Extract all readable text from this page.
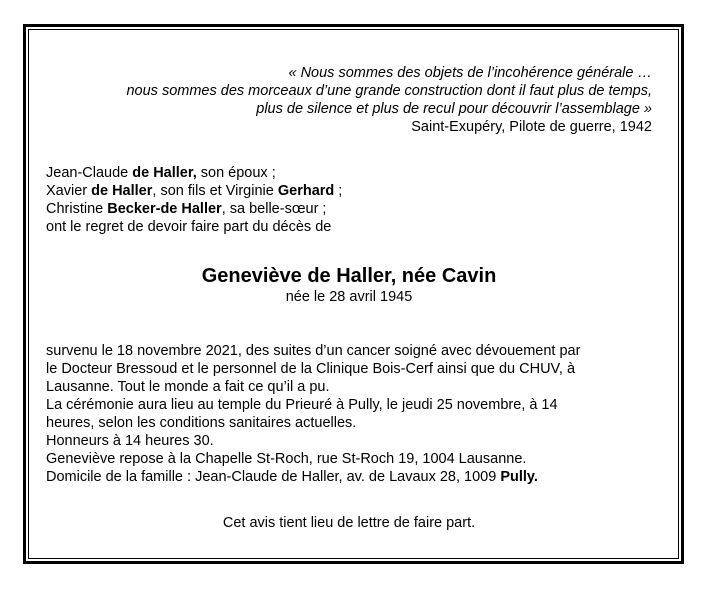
« Nous sommes des objets de l’incohérence générale …
nous sommes des morceaux d’une grande construction dont il faut plus de temps,
plus de silence et plus de recul pour découvrir l’assemblage »
Saint-Exupéry, Pilote de guerre, 1942
Jean-Claude de Haller, son époux ;
Xavier de Haller, son fils et Virginie Gerhard ;
Christine Becker-de Haller, sa belle-sœur ;
ont le regret de devoir faire part du décès de
Geneviève de Haller, née Cavin
née le 28 avril 1945
survenu le 18 novembre 2021, des suites d’un cancer soigné avec dévouement par
le Docteur Bressoud et le personnel de la Clinique Bois-Cerf ainsi que du CHUV, à
Lausanne. Tout le monde a fait ce qu’il a pu.
La cérémonie aura lieu au temple du Prieuré à Pully, le jeudi 25 novembre, à 14
heures, selon les conditions sanitaires actuelles.
Honneurs à 14 heures 30.
Geneviève repose à la Chapelle St-Roch, rue St-Roch 19, 1004 Lausanne.
Domicile de la famille : Jean-Claude de Haller, av. de Lavaux 28, 1009 Pully.
Cet avis tient lieu de lettre de faire part.
